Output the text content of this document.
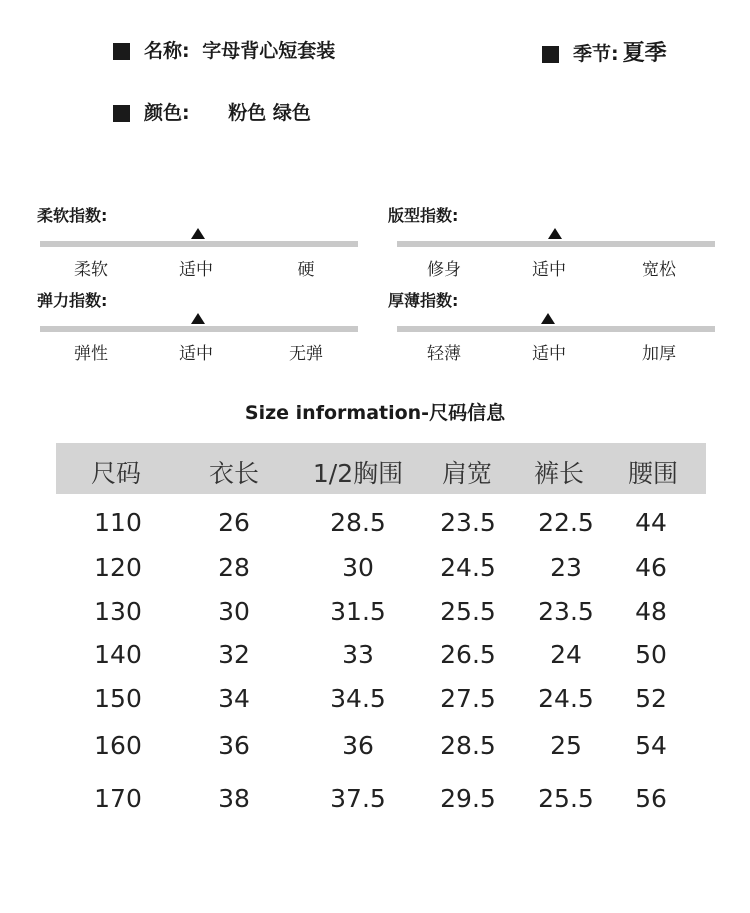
名称: 字母背心短套装	季节: 夏季
颜色: 粉色 绿色
柔软指数:	版型指数:
弹力指数:	厚薄指数:
柔软	适中	硬	修身	适中	宽松
弹性	适中	无弹	轻薄	适中	加厚
Size information-尺码信息
尺码	衣长	1/2胸围	肩宽	裤长	腰围
110	26	28.5	23.5	22.5	44
120	28	30	24.5	23	46
130	30	31.5	25.5	23.5	48
140	32	33	26.5	24	50
150	34	34.5	27.5	24.5	52
160	36	36	28.5	25	54
170	38	37.5	29.5	25.5	56
